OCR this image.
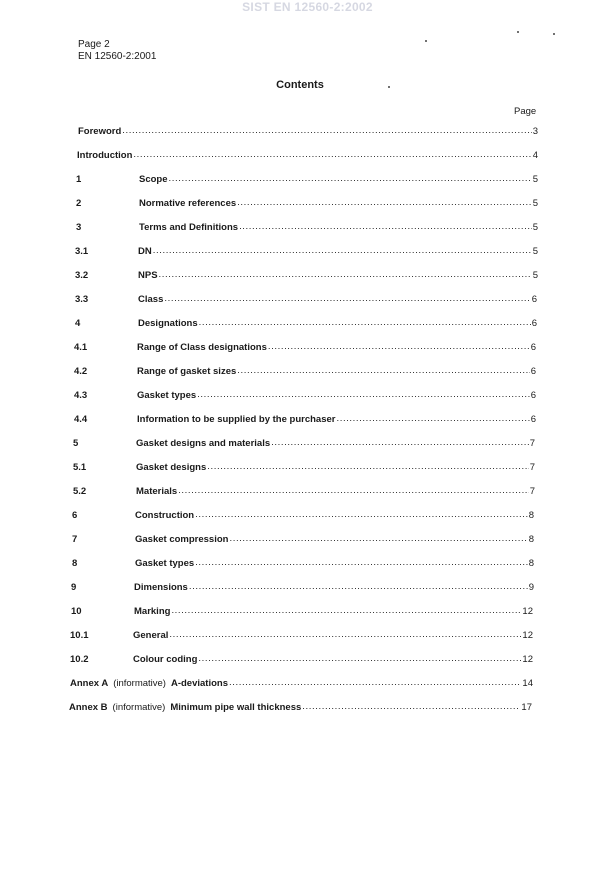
SIST EN 12560-2:2002
Page 2
EN 12560-2:2001
Contents
Page
Foreword .....	3
Introduction .....	4
1	Scope .....	5
2	Normative references .....	5
3	Terms and Definitions .....	5
3.1	DN .....	5
3.2	NPS .....	5
3.3	Class .....	6
4	Designations .....	6
4.1	Range of Class designations .....	6
4.2	Range of gasket sizes .....	6
4.3	Gasket types .....	6
4.4	Information to be supplied by the purchaser .....	6
5	Gasket designs and materials .....	7
5.1	Gasket designs .....	7
5.2	Materials .....	7
6	Construction .....	8
7	Gasket compression .....	8
8	Gasket types .....	8
9	Dimensions .....	9
10	Marking .....	12
10.1	General .....	12
10.2	Colour coding .....	12
Annex A (informative) A-deviations .....	14
Annex B (informative) Minimum pipe wall thickness .....	17
